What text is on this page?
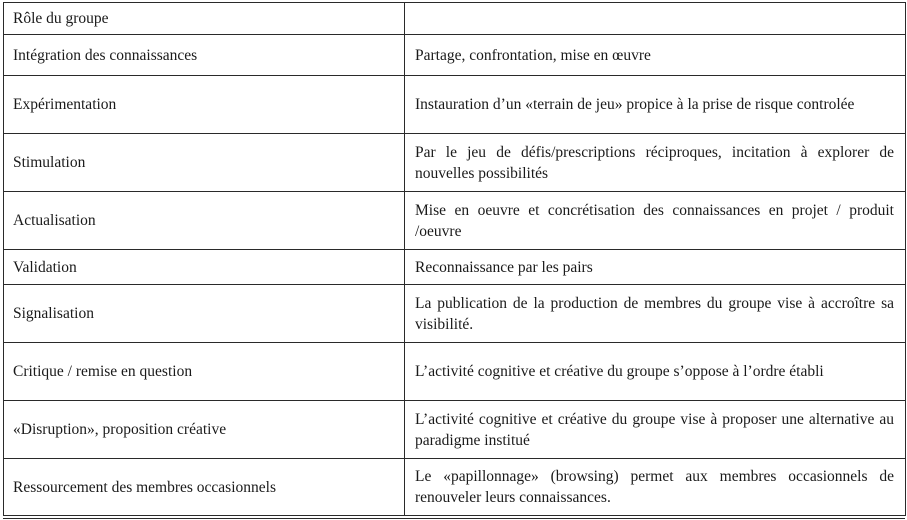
Rôle du groupe	
Intégration des connaissances	Partage, confrontation, mise en œuvre
Expérimentation	Instauration d’un «terrain de jeu» propice à la prise de risque controlée
Stimulation	Par le jeu de défis/prescriptions réciproques, incitation à explorer de nouvelles possibilités
Actualisation	Mise en oeuvre et concrétisation des connaissances en projet / produit /oeuvre
Validation	Reconnaissance par les pairs
Signalisation	La publication de la production de membres du groupe vise à accroître sa visibilité.
Critique / remise en question	L’activité cognitive et créative du groupe s’oppose à l’ordre établi
«Disruption», proposition créative	L’activité cognitive et créative du groupe vise à proposer une alternative au paradigme institué
Ressourcement des membres occasionnels	Le «papillonnage» (browsing) permet aux membres occasionnels de renouveler leurs connaissances.
